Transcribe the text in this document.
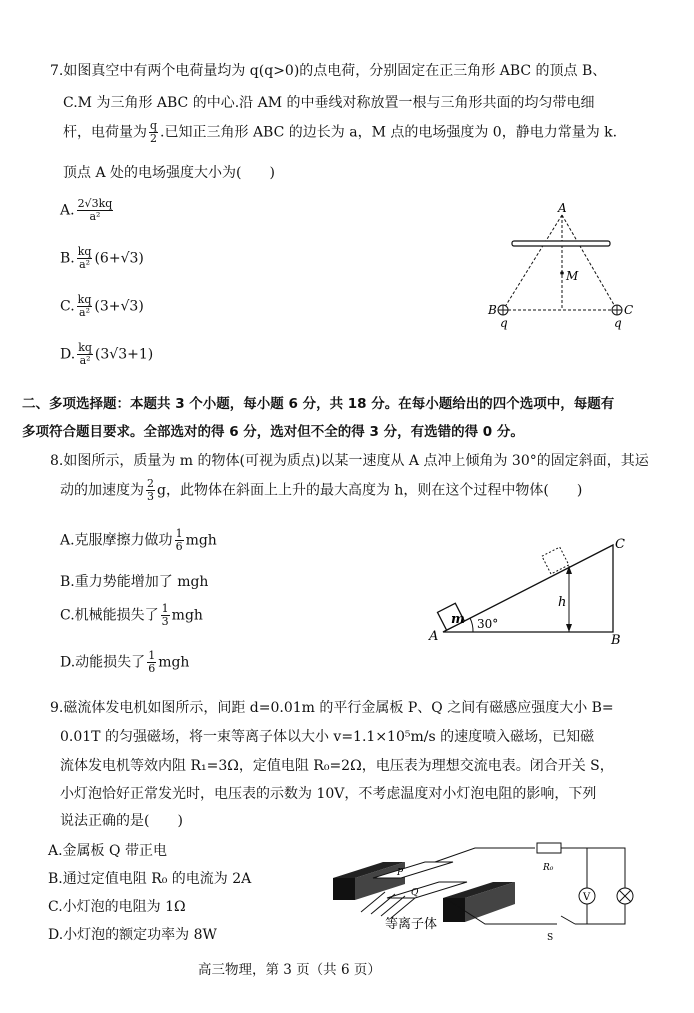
7.如图真空中有两个电荷量均为 q(q>0)的点电荷，分别固定在正三角形 ABC 的顶点 B、
C.M 为三角形 ABC 的中心.沿 AM 的中垂线对称放置一根与三角形共面的均匀带电细
杆，电荷量为 $\frac{q}{2}$ .已知正三角形 ABC 的边长为 a，M 点的电场强度为 0，静电力常量为 k.
顶点 A 处的电场强度大小为(　　)
A. $\frac{2√3kq}{\text{a²}}$
B. $\frac{kq}{\text{a²}} (6+√3)$
C. $\frac{kq}{\text{a²}} (3+√3)$
D. $\frac{kq}{\text{a²}} (3√3+1)$
A
M
B	C
q	q
二、多项选择题：本题共 3 个小题，每小题 6 分，共 18 分。在每小题给出的四个选项中，每题有
多项符合题目要求。全部选对的得 6 分，选对但不全的得 3 分，有选错的得 0 分。
8.如图所示，质量为 m 的物体(可视为质点)以某一速度从 A 点冲上倾角为 30°的固定斜面，其运
动的加速度为 $\frac{2}{3}$ g，此物体在斜面上上升的最大高度为 h，则在这个过程中物体(　　)
A.克服摩擦力做功 $\frac{1}{6}$ mgh
B.重力势能增加了 mgh
C.机械能损失了 $\frac{1}{3}$ mgh
D.动能损失了 $\frac{1}{6}$ mgh
m 30°
A	B
C
h
9.磁流体发电机如图所示，间距 d=0.01m 的平行金属板 P、Q 之间有磁感应强度大小 B=
0.01T 的匀强磁场，将一束等离子体以大小 v=1.1×10⁵m/s 的速度喷入磁场，已知磁
流体发电机等效内阻 R₁=3Ω，定值电阻 R₀=2Ω，电压表为理想交流电表。闭合开关 S，
小灯泡恰好正常发光时，电压表的示数为 10V，不考虑温度对小灯泡电阻的影响，下列
说法正确的是(　　)
A.金属板 Q 带正电
B.通过定值电阻 R₀ 的电流为 2A
C.小灯泡的电阻为 1Ω
D.小灯泡的额定功率为 8W
P
Q
等离子体
R₀
V
S
高三物理，第 3 页（共 6 页）
